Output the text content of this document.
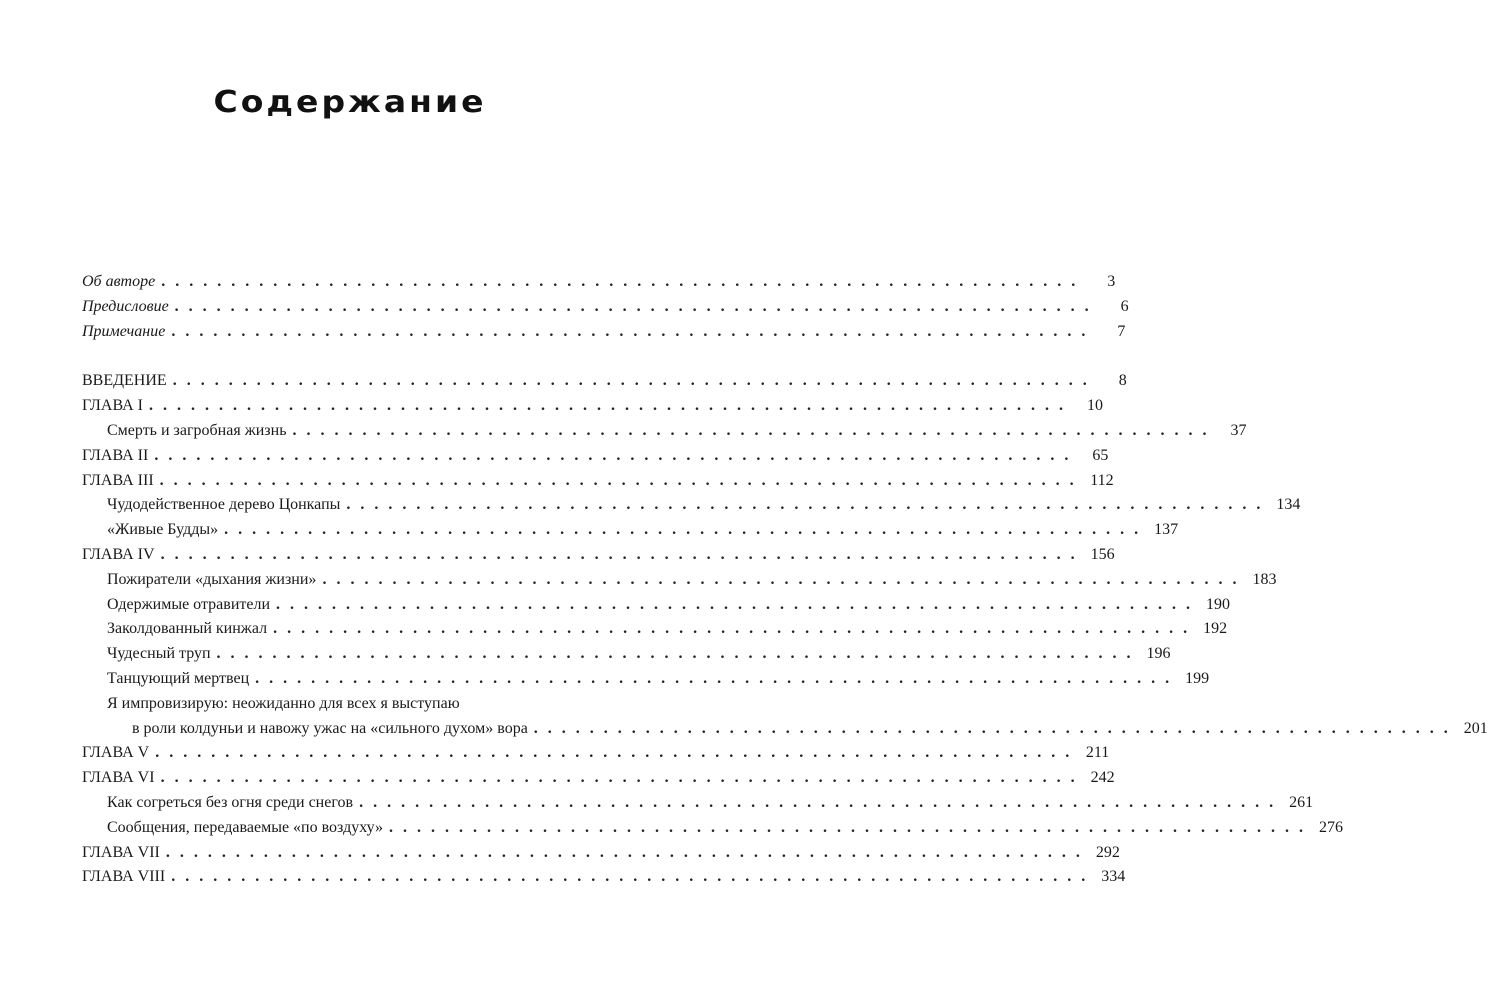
Содержание
Об авторе ..................................................................	3
Предисловие ..................................................................	6
Примечание ..................................................................	7
ВВЕДЕНИЕ ..................................................................	8
ГЛАВА I .................................................................. 10
Смерть и загробная жизнь .................................................................. 37
ГЛАВА II .................................................................. 65
ГЛАВА III .................................................................. 112
Чудодейственное дерево Цонкапы .................................................................. 134
«Живые Будды» .................................................................. 137
ГЛАВА IV .................................................................. 156
Пожиратели «дыхания жизни» .................................................................. 183
Одержимые отравители .................................................................. 190
Заколдованный кинжал .................................................................. 192
Чудесный труп .................................................................. 196
Танцующий мертвец .................................................................. 199
Я импровизирую: неожиданно для всех я выступаю
в роли колдуньи и навожу ужас на «сильного духом» вора .................................................................. 201
ГЛАВА V .................................................................. 211
ГЛАВА VI .................................................................. 242
Как согреться без огня среди снегов .................................................................. 261
Сообщения, передаваемые «по воздуху» .................................................................. 276
ГЛАВА VII .................................................................. 292
ГЛАВА VIII .................................................................. 334
